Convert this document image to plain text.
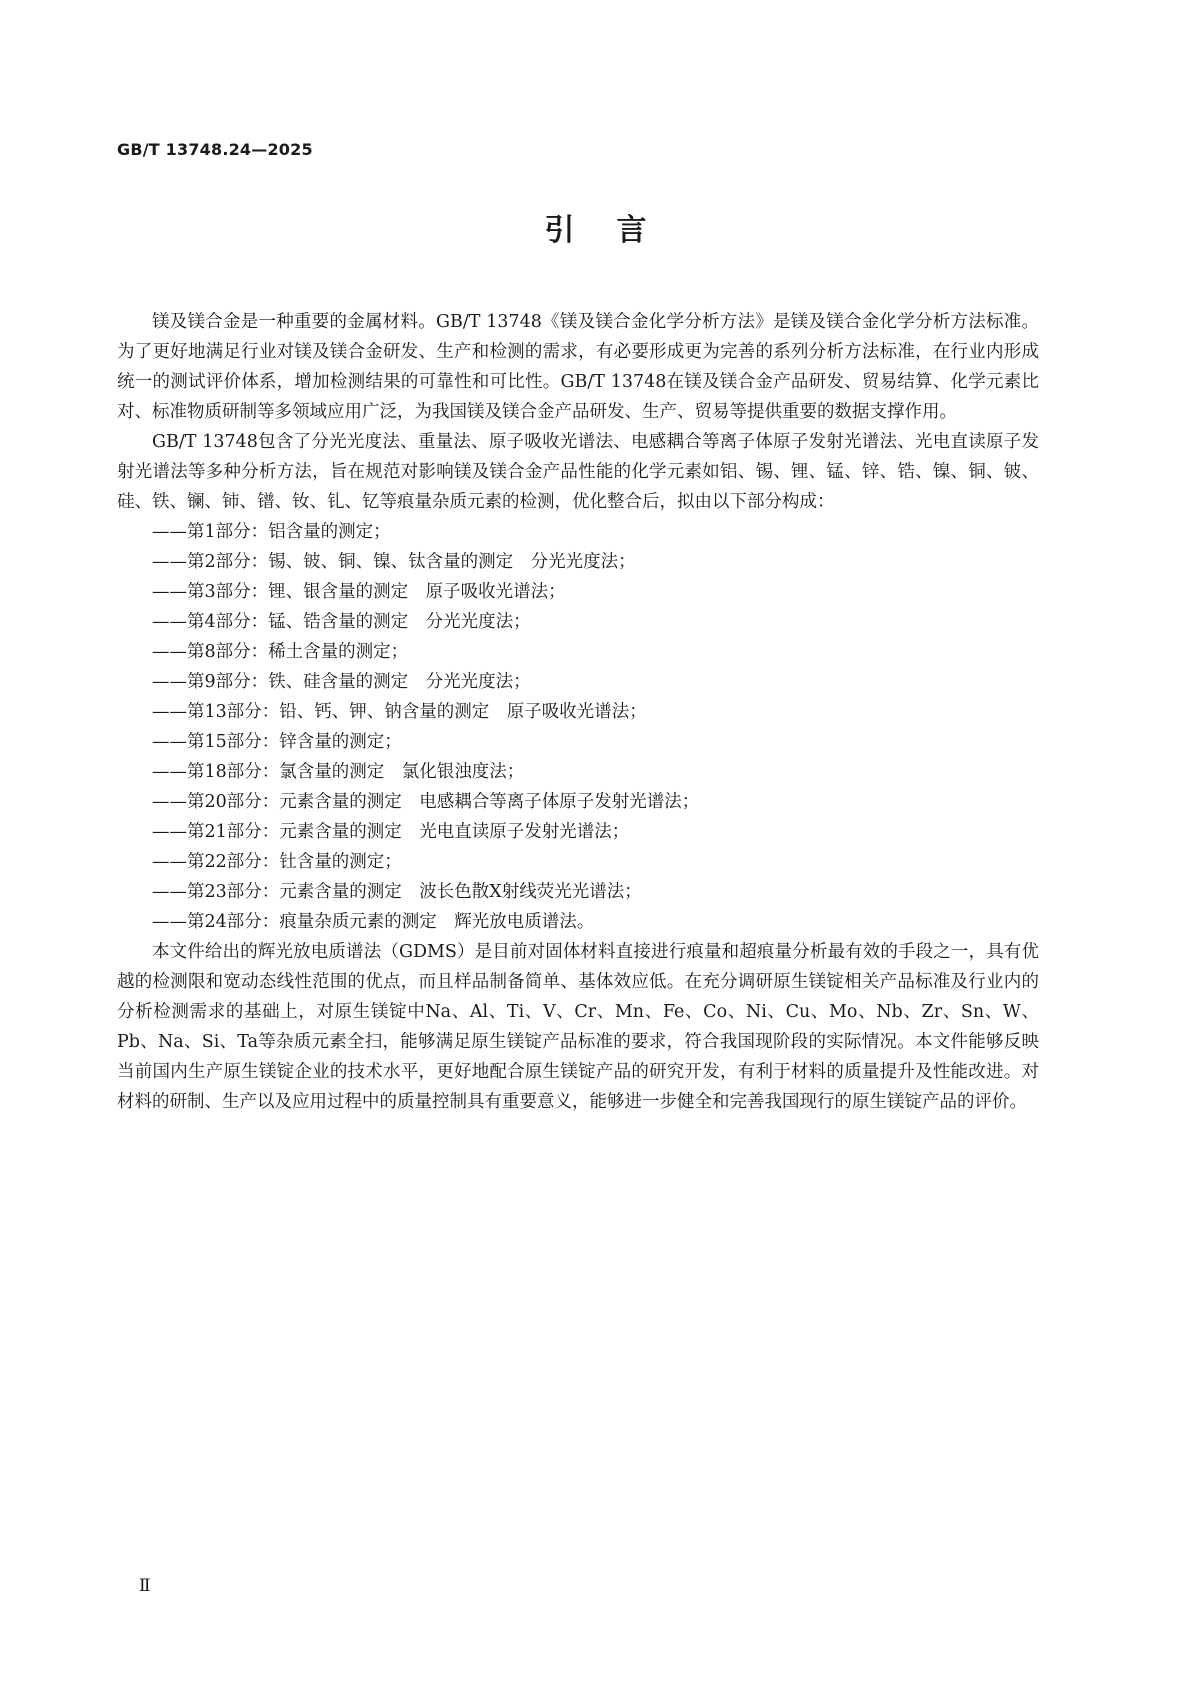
GB/T 13748.24—2025
引言

镁及镁合金是一种重要的金属材料。GB/T 13748《镁及镁合金化学分析方法》是镁及镁合金化学分析方法标准。为了更好地满足行业对镁及镁合金研发、生产和检测的需求，有必要形成更为完善的系列分析方法标准，在行业内形成统一的测试评价体系，增加检测结果的可靠性和可比性。GB/T 13748在镁及镁合金产品研发、贸易结算、化学元素比对、标准物质研制等多领域应用广泛，为我国镁及镁合金产品研发、生产、贸易等提供重要的数据支撑作用。

GB/T 13748包含了分光光度法、重量法、原子吸收光谱法、电感耦合等离子体原子发射光谱法、光电直读原子发射光谱法等多种分析方法，旨在规范对影响镁及镁合金产品性能的化学元素如铝、锡、锂、锰、锌、锆、镍、铜、铍、硅、铁、镧、铈、镨、钕、钆、钇等痕量杂质元素的检测，优化整合后，拟由以下部分构成：

——第1部分：铝含量的测定；
——第2部分：锡、铍、铜、镍、钛含量的测定　分光光度法；
——第3部分：锂、银含量的测定　原子吸收光谱法；
——第4部分：锰、锆含量的测定　分光光度法；
——第8部分：稀土含量的测定；
——第9部分：铁、硅含量的测定　分光光度法；
——第13部分：铅、钙、钾、钠含量的测定　原子吸收光谱法；
——第15部分：锌含量的测定；
——第18部分：氯含量的测定　氯化银浊度法；
——第20部分：元素含量的测定　电感耦合等离子体原子发射光谱法；
——第21部分：元素含量的测定　光电直读原子发射光谱法；
——第22部分：钍含量的测定；
——第23部分：元素含量的测定　波长色散X射线荧光光谱法；
——第24部分：痕量杂质元素的测定　辉光放电质谱法。

本文件给出的辉光放电质谱法（GDMS）是目前对固体材料直接进行痕量和超痕量分析最有效的手段之一，具有优越的检测限和宽动态线性范围的优点，而且样品制备简单、基体效应低。在充分调研原生镁锭相关产品标准及行业内的分析检测需求的基础上，对原生镁锭中Na、Al、Ti、V、Cr、Mn、Fe、Co、Ni、Cu、Mo、Nb、Zr、Sn、W、Pb、Na、Si、Ta等杂质元素全扫，能够满足原生镁锭产品标准的要求，符合我国现阶段的实际情况。本文件能够反映当前国内生产原生镁锭企业的技术水平，更好地配合原生镁锭产品的研究开发，有利于材料的质量提升及性能改进。对材料的研制、生产以及应用过程中的质量控制具有重要意义，能够进一步健全和完善我国现行的原生镁锭产品的评价。

Ⅱ
